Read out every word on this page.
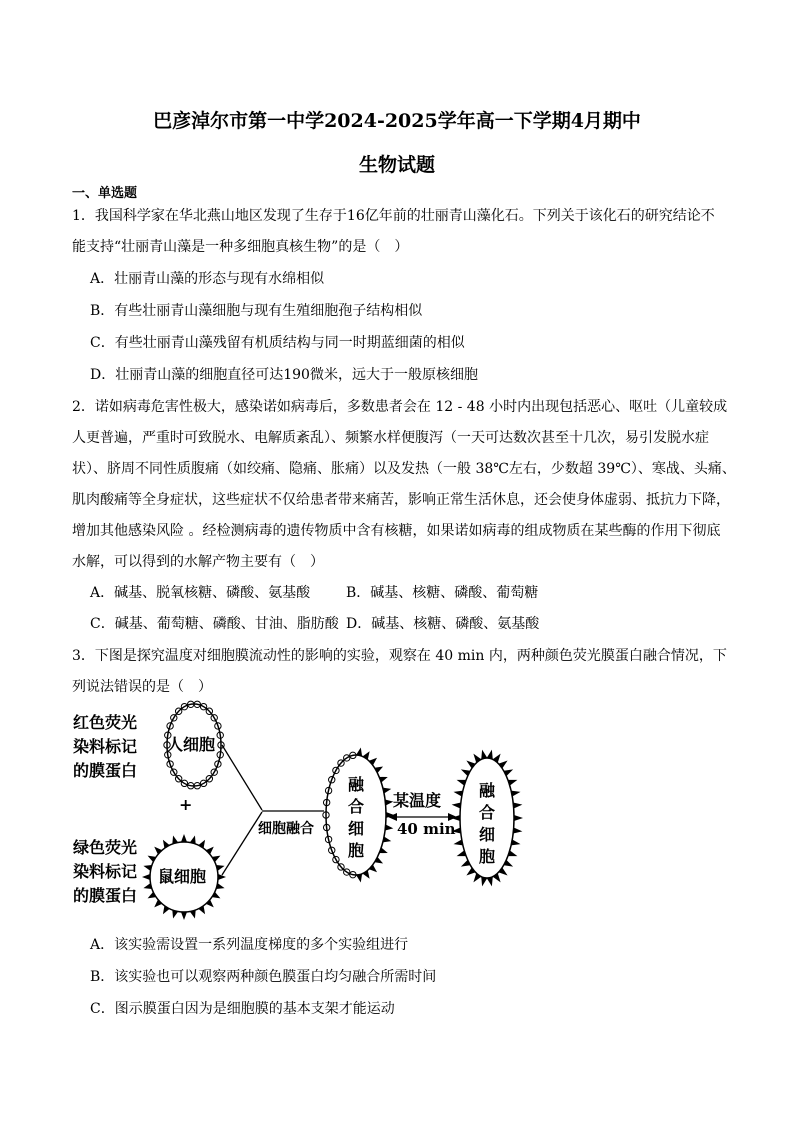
巴彦淖尔市第一中学2024-2025学年高一下学期4月期中
生物试题
一、单选题
1．我国科学家在华北燕山地区发现了生存于16亿年前的壮丽青山藻化石。下列关于该化石的研究结论不
能支持“壮丽青山藻是一种多细胞真核生物”的是（　）
A．壮丽青山藻的形态与现有水绵相似
B．有些壮丽青山藻细胞与现有生殖细胞孢子结构相似
C．有些壮丽青山藻残留有机质结构与同一时期蓝细菌的相似
D．壮丽青山藻的细胞直径可达190微米，远大于一般原核细胞
2．诺如病毒危害性极大，感染诺如病毒后，多数患者会在 12 - 48 小时内出现包括恶心、呕吐（儿童较成
人更普遍，严重时可致脱水、电解质紊乱）、频繁水样便腹泻（一天可达数次甚至十几次，易引发脱水症
状）、脐周不同性质腹痛（如绞痛、隐痛、胀痛）以及发热（一般 38℃左右，少数超 39℃）、寒战、头痛、
肌肉酸痛等全身症状，这些症状不仅给患者带来痛苦，影响正常生活休息，还会使身体虚弱、抵抗力下降，
增加其他感染风险 。经检测病毒的遗传物质中含有核糖，如果诺如病毒的组成物质在某些酶的作用下彻底
水解，可以得到的水解产物主要有（　）
A．碱基、脱氧核糖、磷酸、氨基酸	B．碱基、核糖、磷酸、葡萄糖
C．碱基、葡萄糖、磷酸、甘油、脂肪酸 D．碱基、核糖、磷酸、氨基酸
3．下图是探究温度对细胞膜流动性的影响的实验，观察在 40 min 内，两种颜色荧光膜蛋白融合情况，下
列说法错误的是（　）
红色荧光
染料标记
的膜蛋白
人细胞
+
绿色荧光
染料标记
的膜蛋白
鼠细胞
细胞融合
融
合
细
胞
某温度
40 min
融
合
细
胞
A．该实验需设置一系列温度梯度的多个实验组进行
B．该实验也可以观察两种颜色膜蛋白均匀融合所需时间
C．图示膜蛋白因为是细胞膜的基本支架才能运动
